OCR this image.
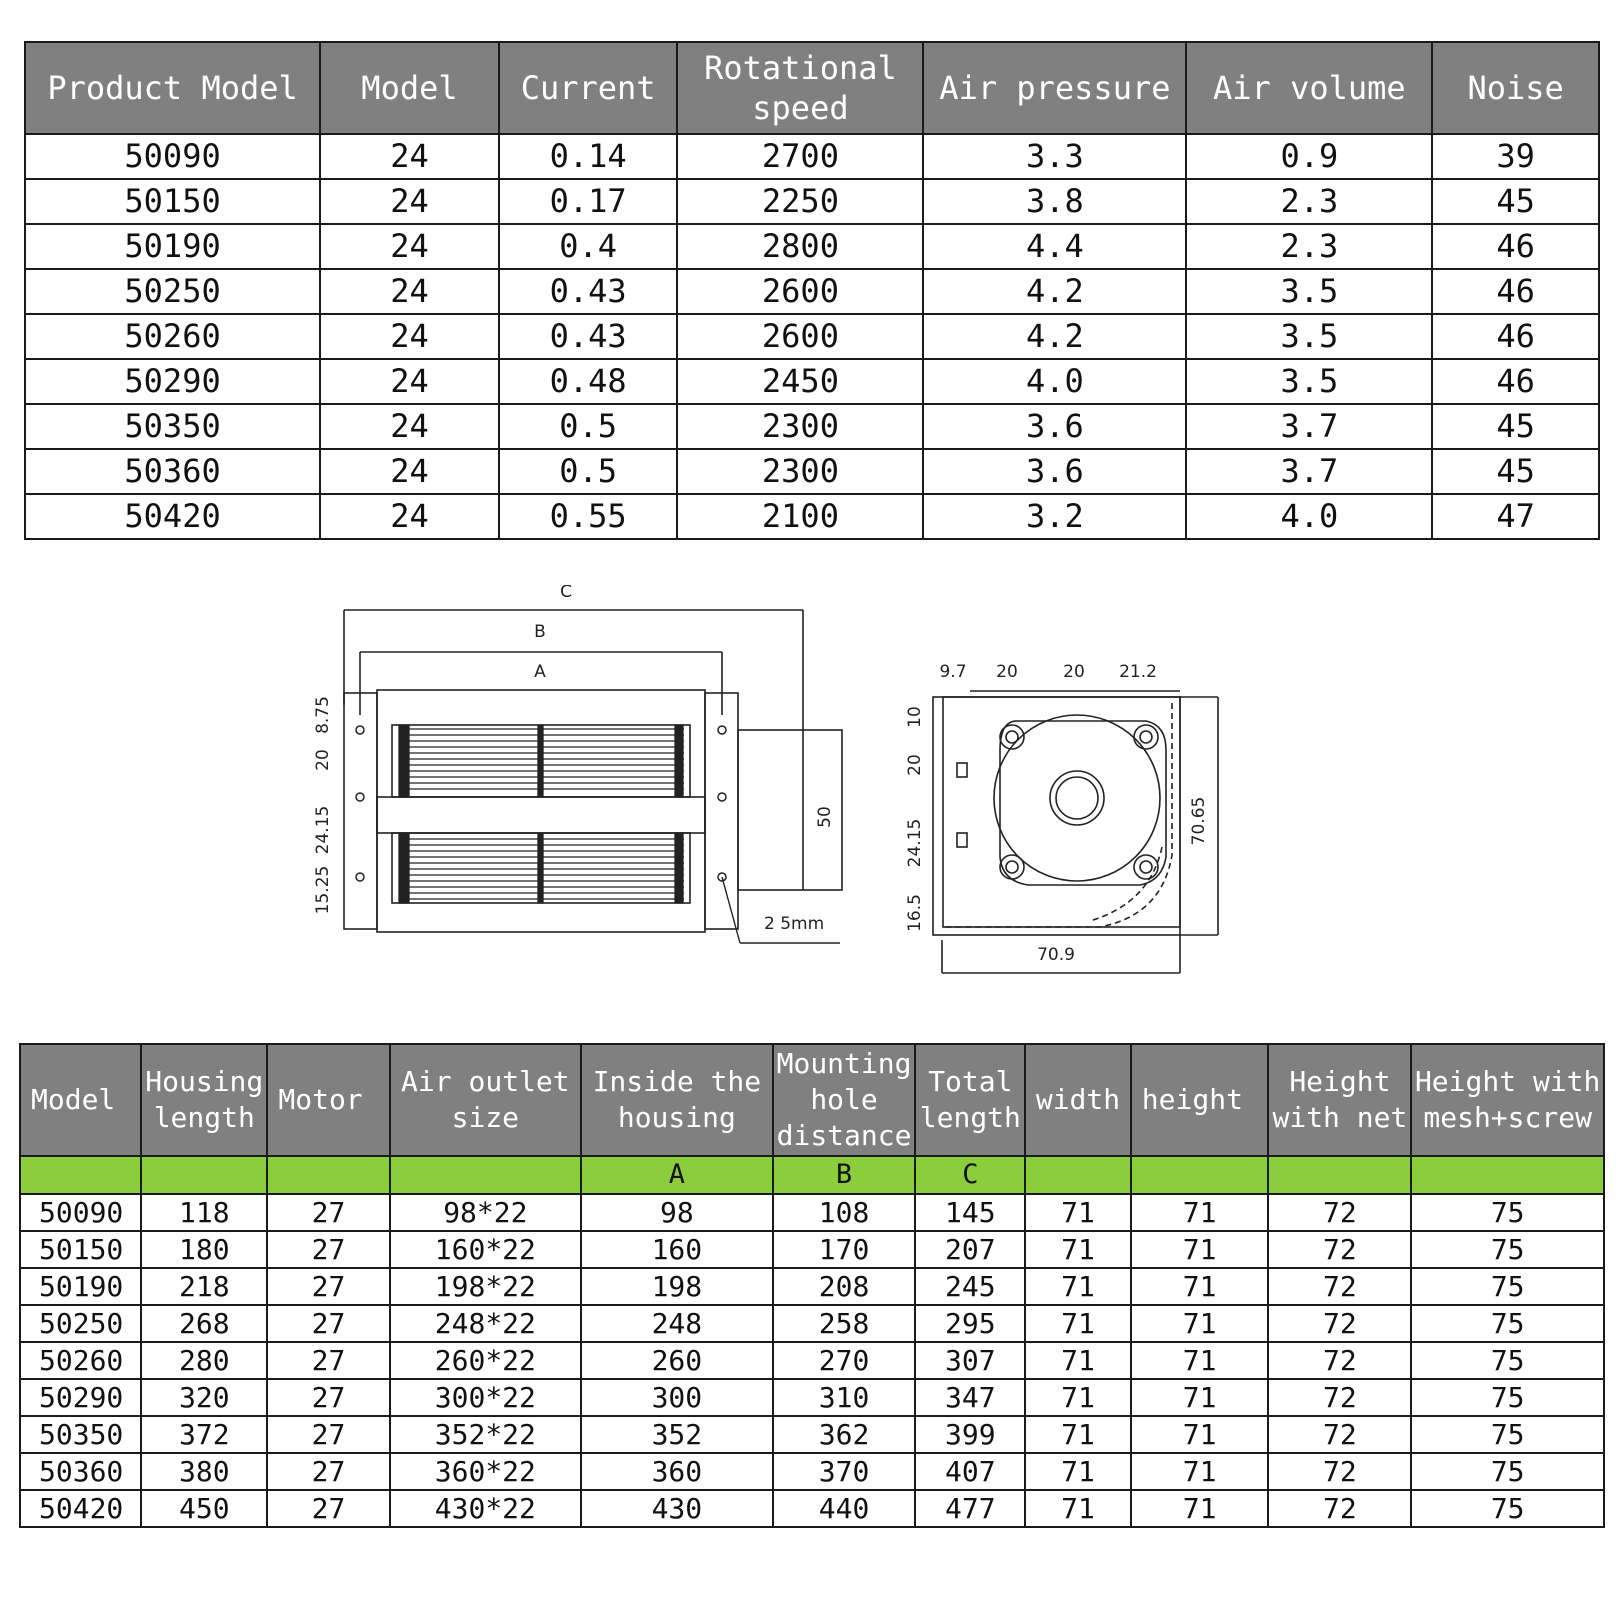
Product Model	Model	Current	Rotational speed	Air pressure	Air volume	Noise
50090	24	0.14	2700	3.3	0.9	39
50150	24	0.17	2250	3.8	2.3	45
50190	24	0.4	2800	4.4	2.3	46
50250	24	0.43	2600	4.2	3.5	46
50260	24	0.43	2600	4.2	3.5	46
50290	24	0.48	2450	4.0	3.5	46
50350	24	0.5	2300	3.6	3.7	45
50360	24	0.5	2300	3.6	3.7	45
50420	24	0.55	2100	3.2	4.0	47
C
B
A
50
2 5mm
8.75
20
24.15
15.25
9.7 20	20 21.2
10
20
24.15
16.5
70.65
70.9
Model	Housing length	Motor	Air outlet size	Inside the housing	Mounting hole distance	Total length	width	height	Height with net	Height with mesh+screw
				A	B	C				
50090	118	27	98*22	98	108	145	71	71	72	75
50150	180	27	160*22	160	170	207	71	71	72	75
50190	218	27	198*22	198	208	245	71	71	72	75
50250	268	27	248*22	248	258	295	71	71	72	75
50260	280	27	260*22	260	270	307	71	71	72	75
50290	320	27	300*22	300	310	347	71	71	72	75
50350	372	27	352*22	352	362	399	71	71	72	75
50360	380	27	360*22	360	370	407	71	71	72	75
50420	450	27	430*22	430	440	477	71	71	72	75
